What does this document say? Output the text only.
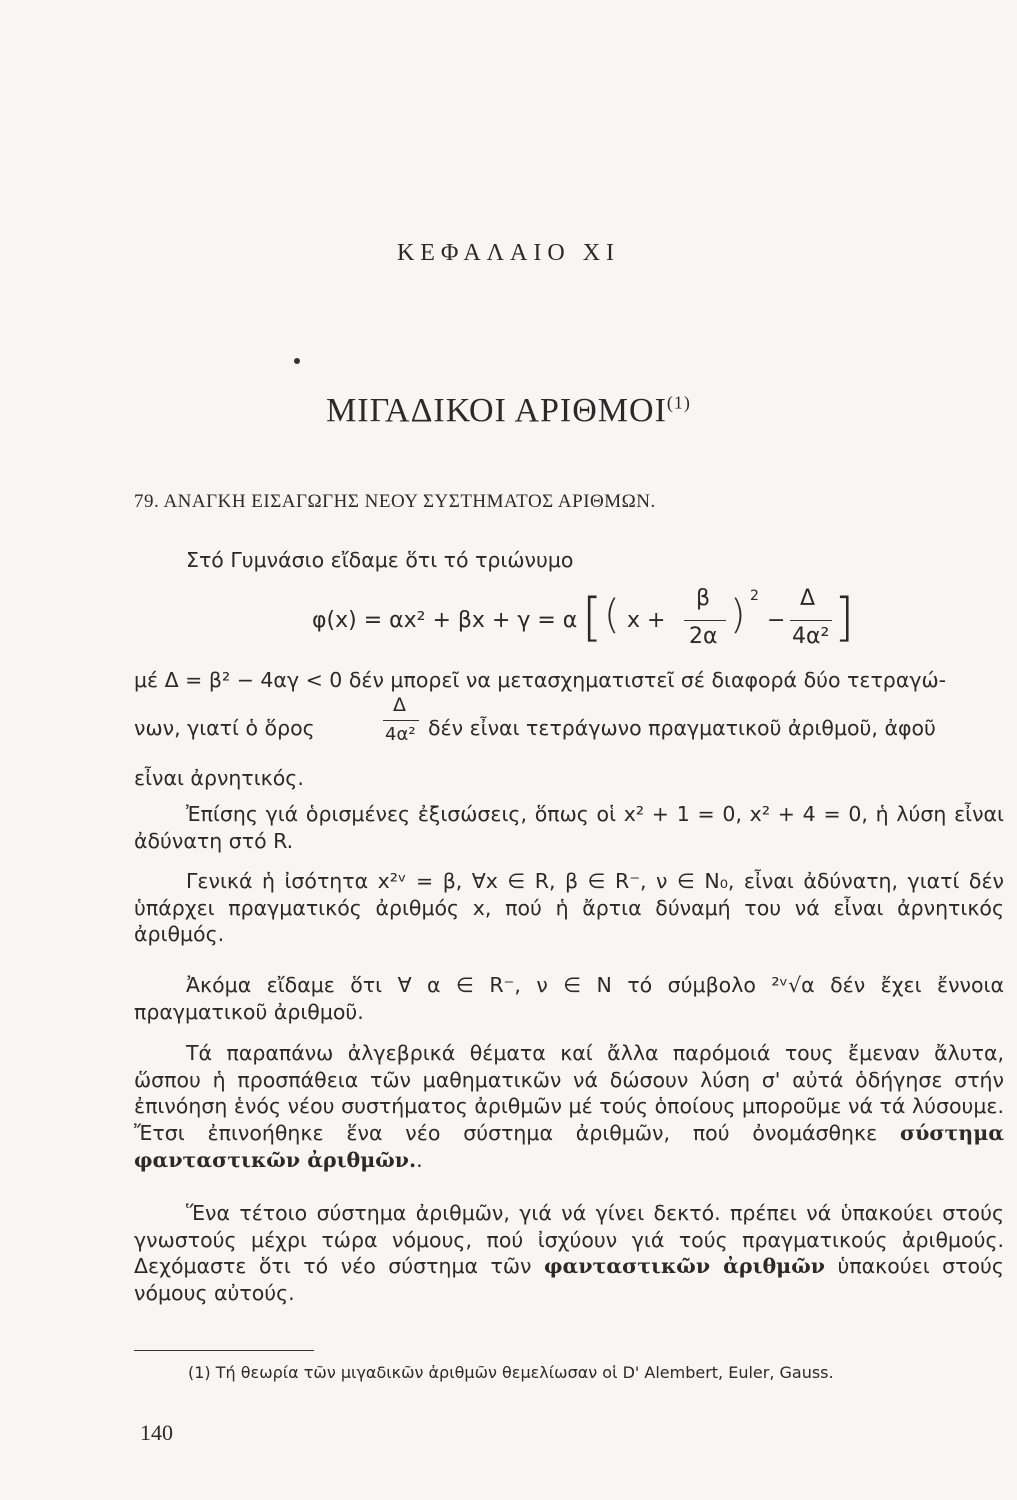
ΚΕΦΑΛΑΙΟ XI
ΜΙΓΑΔΙΚΟΙ ΑΡΙΘΜΟΙ$^{(1)}$
79. ΑΝΑΓΚΗ ΕΙΣΑΓΩΓΗΣ ΝΕΟΥ ΣΥΣΤΗΜΑΤΟΣ ΑΡΙΘΜΩΝ.
Στό Γυμνάσιο εἴδαμε ὅτι τό τριώνυμο
φ(x) = αx² + βx + γ = α [ ( x +
β
2α ) 2
−
Δ
4α² ]
μέ Δ = β² − 4αγ < 0 δέν μπορεῖ να μετασχηματιστεῖ σέ διαφορά δύο τετραγώ-
νων, γιατί ὁ ὅρος
Δ
4α² δέν εἶναι τετράγωνο πραγματικοῦ ἀριθμοῦ, ἀφοῦ
εἶναι ἀρνητικός.
Ἐπίσης γιά ὁρισμένες ἐξισώσεις, ὅπως οἱ x² + 1 = 0, x² + 4 = 0, ἡ λύση εἶναι ἀδύνατη στό R.
Γενικά ἡ ἰσότητα x²ᵛ = β, ∀x ∈ R, β ∈ R⁻, ν ∈ N₀, εἶναι ἀδύνατη, γιατί δέν ὑπάρχει πραγματικός ἀριθμός x, πού ἡ ἄρτια δύναμή του νά εἶναι ἀρνητικός ἀριθμός.
Ἀκόμα εἴδαμε ὅτι ∀ α ∈ R⁻, ν ∈ N τό σύμβολο ²ᵛ√α δέν ἔχει ἔννοια πραγματικοῦ ἀριθμοῦ.
Τά παραπάνω ἀλγεβρικά θέματα καί ἄλλα παρόμοιά τους ἔμεναν ἄλυτα, ὥσπου ἡ προσπάθεια τῶν μαθηματικῶν νά δώσουν λύση σ' αὐτά ὁδήγησε στήν ἐπινόηση ἑνός νέου συστήματος ἀριθμῶν μέ τούς ὁποίους μποροῦμε νά τά λύσουμε. Ἔτσι ἐπινοήθηκε ἕνα νέο σύστημα ἀριθμῶν, πού ὀνομάσθηκε σύστημα φανταστικῶν ἀριθμῶν..
Ἕνα τέτοιο σύστημα ἀριθμῶν, γιά νά γίνει δεκτό. πρέπει νά ὑπακούει στούς γνωστούς μέχρι τώρα νόμους, πού ἰσχύουν γιά τούς πραγματικούς ἀριθμούς. Δεχόμαστε ὅτι τό νέο σύστημα τῶν φανταστικῶν ἀριθμῶν ὑπακούει στούς νόμους αὐτούς.
(1) Τή θεωρία τῶν μιγαδικῶν ἀριθμῶν θεμελίωσαν οἱ D' Alembert, Euler, Gauss.
140
